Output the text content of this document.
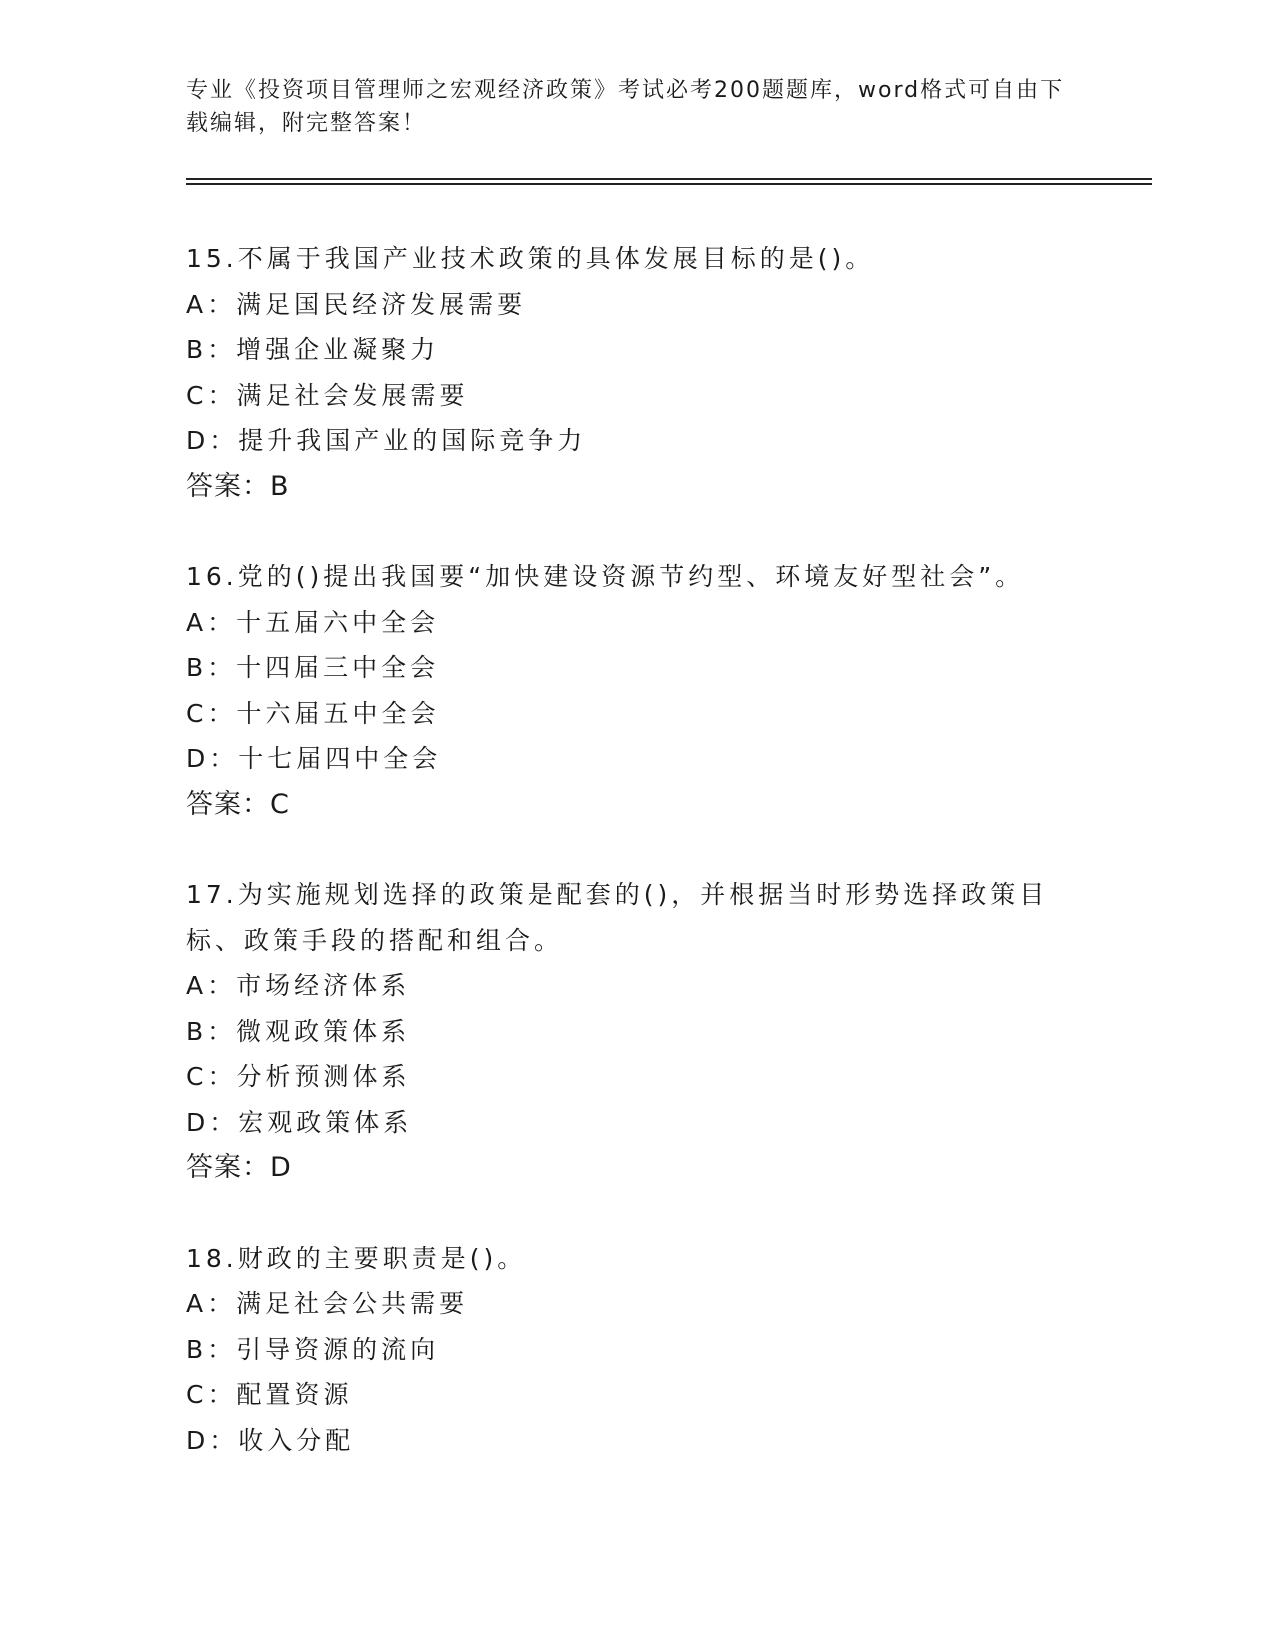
专业《投资项目管理师之宏观经济政策》考试必考200题题库，word格式可自由下载编辑，附完整答案！
15.不属于我国产业技术政策的具体发展目标的是()。
A：满足国民经济发展需要
B：增强企业凝聚力
C：满足社会发展需要
D：提升我国产业的国际竞争力
答案：B
16.党的()提出我国要“加快建设资源节约型、环境友好型社会”。
A：十五届六中全会
B：十四届三中全会
C：十六届五中全会
D：十七届四中全会
答案：C
17.为实施规划选择的政策是配套的()，并根据当时形势选择政策目标、政策手段的搭配和组合。
A：市场经济体系
B：微观政策体系
C：分析预测体系
D：宏观政策体系
答案：D
18.财政的主要职责是()。
A：满足社会公共需要
B：引导资源的流向
C：配置资源
D：收入分配
